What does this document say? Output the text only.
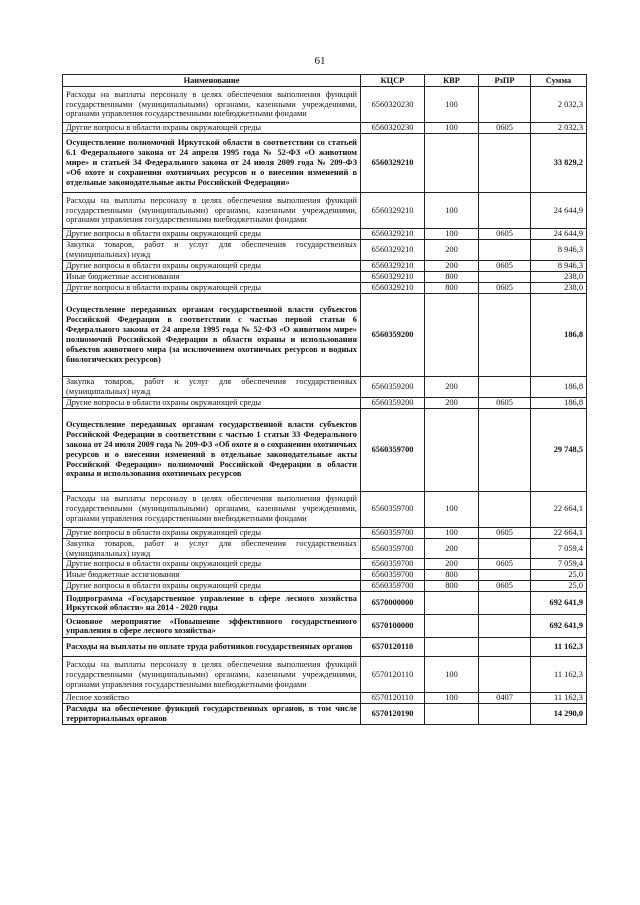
61
Наименование	КЦСР	КВР	РзПР	Сумма
Расходы на выплаты персоналу в целях обеспечения выполнения функций государственными (муниципальными) органами, казенными учреждениями, органами управления государственными внебюджетными фондами	6560320230	100		2 032,3
Другие вопросы в области охраны окружающей среды	6560320230	100	0605	2 032,3
Осуществление полномочий Иркутской области в соответствии со статьей 6.1 Федерального закона от 24 апреля 1995 года № 52-ФЗ «О животном мире» и статьей 34 Федерального закона от 24 июля 2009 года № 209-ФЗ «Об охоте и сохранении охотничьих ресурсов и о внесении изменений в отдельные законодательные акты Российской Федерации»	6560329210			33 829,2
Расходы на выплаты персоналу в целях обеспечения выполнения функций государственными (муниципальными) органами, казенными учреждениями, органами управления государственными внебюджетными фондами	6560329210	100		24 644,9
Другие вопросы в области охраны окружающей среды	6560329210	100	0605	24 644,9
Закупка товаров, работ и услуг для обеспечения государственных (муниципальных) нужд	6560329210	200		8 946,3
Другие вопросы в области охраны окружающей среды	6560329210	200	0605	8 946,3
Иные бюджетные ассигнования	6560329210	800		238,0
Другие вопросы в области охраны окружающей среды	6560329210	800	0605	238,0
Осуществление переданных органам государственной власти субъектов Российской Федерации в соответствии с частью первой статьи 6 Федерального закона от 24 апреля 1995 года № 52-ФЗ «О животном мире» полномочий Российской Федерации в области охраны и использования объектов животного мира (за исключением охотничьих ресурсов и водных биологических ресурсов)	6560359200			186,8
Закупка товаров, работ и услуг для обеспечения государственных (муниципальных) нужд	6560359200	200		186,8
Другие вопросы в области охраны окружающей среды	6560359200	200	0605	186,8
Осуществление переданных органам государственной власти субъектов Российской Федерации в соответствии с частью 1 статьи 33 Федерального закона от 24 июля 2009 года № 209-ФЗ «Об охоте и о сохранении охотничьих ресурсов и о внесении изменений в отдельные законодательные акты Российской Федерации» полномочий Российской Федерации в области охраны и использования охотничьих ресурсов	6560359700			29 748,5
Расходы на выплаты персоналу в целях обеспечения выполнения функций государственными (муниципальными) органами, казенными учреждениями, органами управления государственными внебюджетными фондами	6560359700	100		22 664,1
Другие вопросы в области охраны окружающей среды	6560359700	100	0605	22 664,1
Закупка товаров, работ и услуг для обеспечения государственных (муниципальных) нужд	6560359700	200		7 059,4
Другие вопросы в области охраны окружающей среды	6560359700	200	0605	7 059,4
Иные бюджетные ассигнования	6560359700	800		25,0
Другие вопросы в области охраны окружающей среды	6560359700	800	0605	25,0
Подпрограмма «Государственное управление в сфере лесного хозяйства Иркутской области» на 2014 - 2020 годы	6570000000			692 641,9
Основное мероприятие «Повышение эффективного государственного управления в сфере лесного хозяйства»	6570100000			692 641,9
Расходы на выплаты по оплате труда работников государственных органов	6570120110			11 162,3
Расходы на выплаты персоналу в целях обеспечения выполнения функций государственными (муниципальными) органами, казенными учреждениями, органами управления государственными внебюджетными фондами	6570120110	100		11 162,3
Лесное хозяйство	6570120110	100	0407	11 162,3
Расходы на обеспечение функций государственных органов, в том числе территориальных органов	6570120190			14 290,0
